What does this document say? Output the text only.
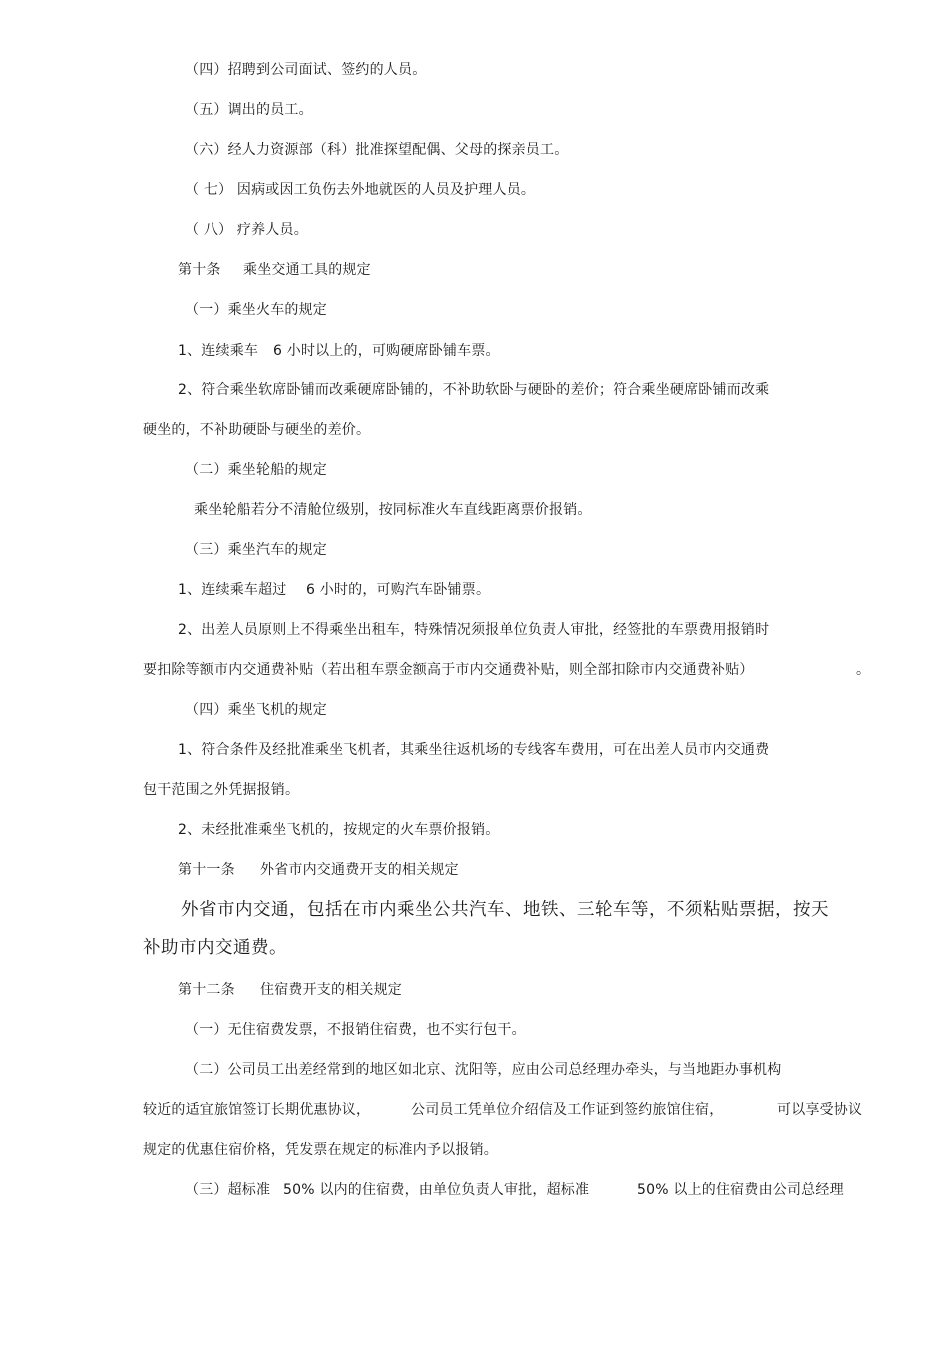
（四）招聘到公司面试、签约的人员。
（五）调出的员工。
（六）经人力资源部（科）批准探望配偶、父母的探亲员工。
（ 七） 因病或因工负伤去外地就医的人员及护理人员。
（ 八） 疗养人员。
第十条 乘坐交通工具的规定
（一）乘坐火车的规定
1、连续乘车 6 小时以上的，可购硬席卧铺车票。
2、符合乘坐软席卧铺而改乘硬席卧铺的，不补助软卧与硬卧的差价；符合乘坐硬席卧铺而改乘
硬坐的，不补助硬卧与硬坐的差价。
（二）乘坐轮船的规定
乘坐轮船若分不清舱位级别，按同标准火车直线距离票价报销。
（三）乘坐汽车的规定
1、连续乘车超过 6 小时的，可购汽车卧铺票。
2、出差人员原则上不得乘坐出租车，特殊情况须报单位负责人审批，经签批的车票费用报销时
要扣除等额市内交通费补贴（若出租车票金额高于市内交通费补贴，则全部扣除市内交通费补贴）	。
（四）乘坐飞机的规定
1、符合条件及经批准乘坐飞机者，其乘坐往返机场的专线客车费用，可在出差人员市内交通费
包干范围之外凭据报销。
2、未经批准乘坐飞机的，按规定的火车票价报销。
第十一条 外省市内交通费开支的相关规定
外省市内交通，包括在市内乘坐公共汽车、地铁、三轮车等，不须粘贴票据，按天
补助市内交通费。
第十二条 住宿费开支的相关规定
（一）无住宿费发票，不报销住宿费，也不实行包干。
（二）公司员工出差经常到的地区如北京、沈阳等，应由公司总经理办牵头，与当地距办事机构
较近的适宜旅馆签订长期优惠协议，	公司员工凭单位介绍信及工作证到签约旅馆住宿，	可以享受协议
规定的优惠住宿价格，凭发票在规定的标准内予以报销。
（三）超标准 50% 以内的住宿费，由单位负责人审批，超标准	50% 以上的住宿费由公司总经理
